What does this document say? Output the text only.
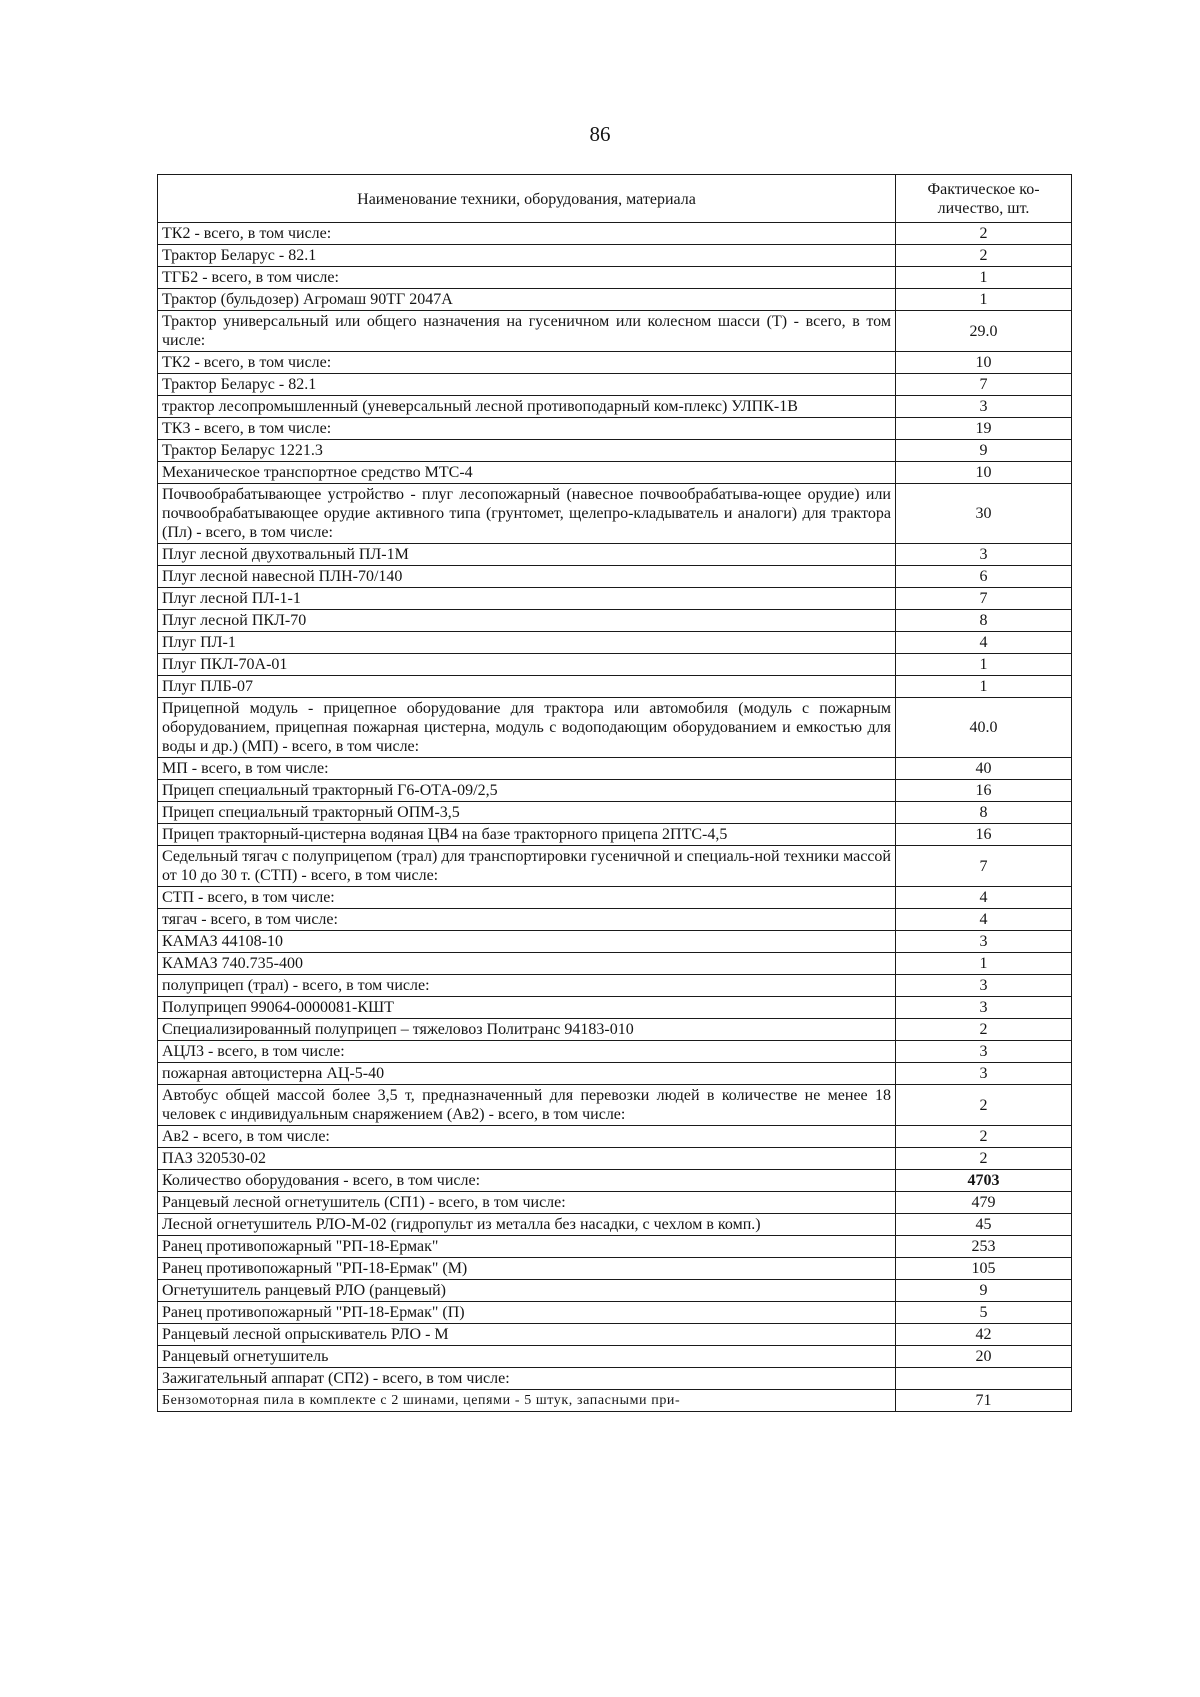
86
Наименование техники, оборудования, материала	Фактическое ко-личество, шт.
ТК2 - всего, в том числе:	2
Трактор Беларус - 82.1	2
ТГБ2 - всего, в том числе:	1
Трактор (бульдозер) Агромаш 90ТГ 2047А	1
Трактор универсальный или общего назначения на гусеничном или колесном шасси (Т) - всего, в том числе:	29.0
ТК2 - всего, в том числе:	10
Трактор Беларус - 82.1	7
трактор лесопромышленный (уневерсальный лесной противоподарный ком-плекс) УЛПК-1В	3
ТК3 - всего, в том числе:	19
Трактор Беларус 1221.3	9
Механическое транспортное средство МТС-4	10
Почвообрабатывающее устройство - плуг лесопожарный (навесное почвообрабатыва-ющее орудие) или почвообрабатывающее орудие активного типа (грунтомет, щелепро-кладыватель и аналоги) для трактора (Пл) - всего, в том числе:	30
Плуг лесной двухотвальный ПЛ-1М	3
Плуг лесной навесной ПЛН-70/140	6
Плуг лесной ПЛ-1-1	7
Плуг лесной ПКЛ-70	8
Плуг ПЛ-1	4
Плуг ПКЛ-70А-01	1
Плуг ПЛБ-07	1
Прицепной модуль - прицепное оборудование для трактора или автомобиля (модуль с пожарным оборудованием, прицепная пожарная цистерна, модуль с водоподающим оборудованием и емкостью для воды и др.) (МП) - всего, в том числе:	40.0
МП - всего, в том числе:	40
Прицеп специальный тракторный Г6-ОТА-09/2,5	16
Прицеп специальный тракторный ОПМ-3,5	8
Прицеп тракторный-цистерна водяная ЦВ4 на базе тракторного прицепа 2ПТС-4,5	16
Седельный тягач с полуприцепом (трал) для транспортировки гусеничной и специаль-ной техники массой от 10 до 30 т. (СТП) - всего, в том числе:	7
СТП - всего, в том числе:	4
тягач - всего, в том числе:	4
КАМАЗ 44108-10	3
КАМАЗ 740.735-400	1
полуприцеп (трал) - всего, в том числе:	3
Полуприцеп 99064-0000081-КШТ	3
Специализированный полуприцеп – тяжеловоз Политранс 94183-010	2
АЦЛ3 - всего, в том числе:	3
пожарная автоцистерна АЦ-5-40	3
Автобус общей массой более 3,5 т, предназначенный для перевозки людей в количестве не менее 18 человек с индивидуальным снаряжением (Ав2) - всего, в том числе:	2
Ав2 - всего, в том числе:	2
ПАЗ 320530-02	2
Количество оборудования - всего, в том числе:	4703
Ранцевый лесной огнетушитель (СП1) - всего, в том числе:	479
Лесной огнетушитель РЛО-М-02 (гидропульт из металла без насадки, с чехлом в комп.)	45
Ранец противопожарный "РП-18-Ермак"	253
Ранец противопожарный "РП-18-Ермак" (М)	105
Огнетушитель ранцевый РЛО (ранцевый)	9
Ранец противопожарный "РП-18-Ермак" (П)	5
Ранцевый лесной опрыскиватель РЛО - М	42
Ранцевый огнетушитель	20
Зажигательный аппарат (СП2) - всего, в том числе:	
Бензомоторная пила в комплекте с 2 шинами, цепями - 5 штук, запасными при-	71
